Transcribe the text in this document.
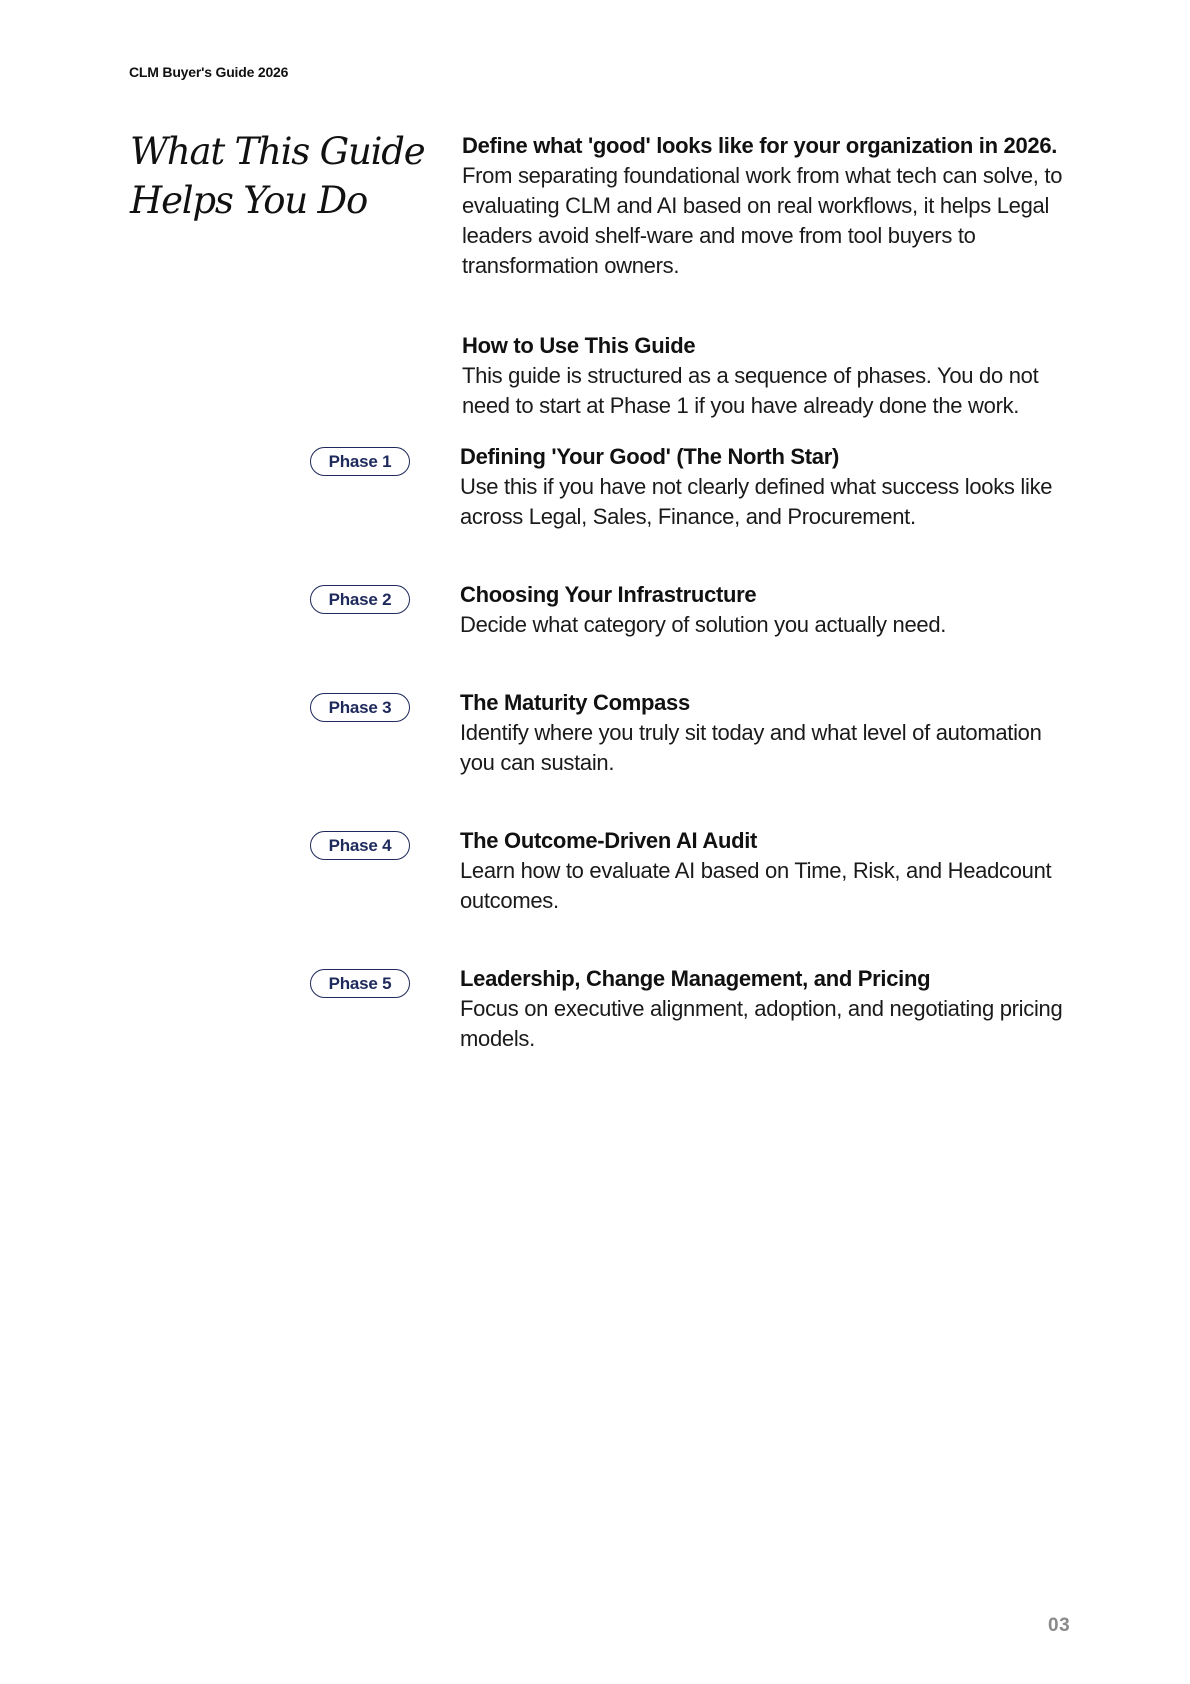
CLM Buyer's Guide 2026
What This Guide
Helps You Do
Define what 'good' looks like for your organization in 2026.
From separating foundational work from what tech can solve, to evaluating CLM and AI based on real workflows, it helps Legal leaders avoid shelf-ware and move from tool buyers to transformation owners.
How to Use This Guide
This guide is structured as a sequence of phases. You do not need to start at Phase 1 if you have already done the work.
Phase 1	Defining 'Your Good' (The North Star)
Use this if you have not clearly defined what success looks like across Legal, Sales, Finance, and Procurement.
Phase 2	Choosing Your Infrastructure
Decide what category of solution you actually need.
Phase 3	The Maturity Compass
Identify where you truly sit today and what level of automation you can sustain.
Phase 4	The Outcome-Driven AI Audit
Learn how to evaluate AI based on Time, Risk, and Headcount outcomes.
Phase 5	Leadership, Change Management, and Pricing
Focus on executive alignment, adoption, and negotiating pricing models.
03
